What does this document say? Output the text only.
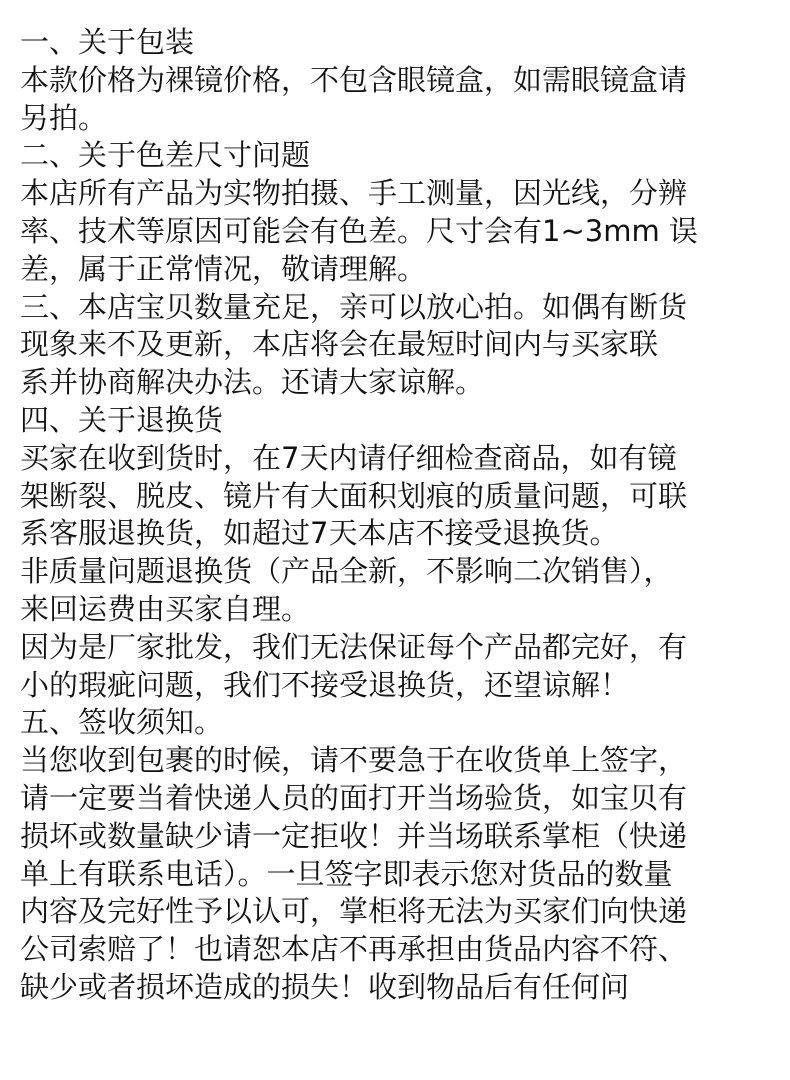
一、关于包装
本款价格为裸镜价格，不包含眼镜盒，如需眼镜盒请
另拍。
二、关于色差尺寸问题
本店所有产品为实物拍摄、手工测量，因光线，分辨
率、技术等原因可能会有色差。尺寸会有1~3mm 误
差，属于正常情况，敬请理解。
三、本店宝贝数量充足，亲可以放心拍。如偶有断货
现象来不及更新，本店将会在最短时间内与买家联
系并协商解决办法。还请大家谅解。
四、关于退换货
买家在收到货时，在7天内请仔细检查商品，如有镜
架断裂、脱皮、镜片有大面积划痕的质量问题，可联
系客服退换货，如超过7天本店不接受退换货。
非质量问题退换货（产品全新，不影响二次销售），
来回运费由买家自理。
因为是厂家批发，我们无法保证每个产品都完好，有
小的瑕疵问题，我们不接受退换货，还望谅解！
五、签收须知。
当您收到包裹的时候，请不要急于在收货单上签字，
请一定要当着快递人员的面打开当场验货，如宝贝有
损坏或数量缺少请一定拒收！并当场联系掌柜（快递
单上有联系电话）。一旦签字即表示您对货品的数量
内容及完好性予以认可，掌柜将无法为买家们向快递
公司索赔了！也请恕本店不再承担由货品内容不符、
缺少或者损坏造成的损失！收到物品后有任何问
